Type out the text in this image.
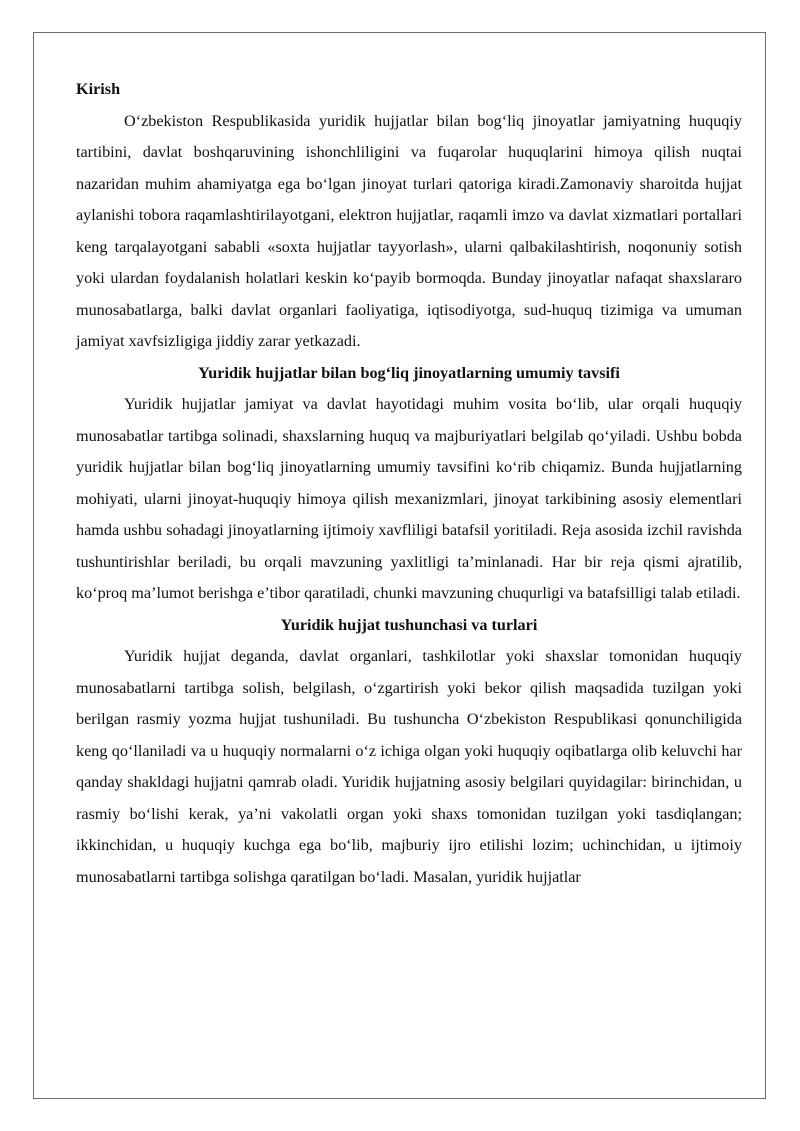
Kirish

O‘zbekiston Respublikasida yuridik hujjatlar bilan bog‘liq jinoyatlar jamiyatning huquqiy tartibini, davlat boshqaruvining ishonchliligini va fuqarolar huquqlarini himoya qilish nuqtai nazaridan muhim ahamiyatga ega bo‘lgan jinoyat turlari qatoriga kiradi.Zamonaviy sharoitda hujjat aylanishi tobora raqamlashtirilayotgani, elektron hujjatlar, raqamli imzo va davlat xizmatlari portallari keng tarqalayotgani sababli «soxta hujjatlar tayyorlash», ularni qalbakilashtirish, noqonuniy sotish yoki ulardan foydalanish holatlari keskin ko‘payib bormoqda. Bunday jinoyatlar nafaqat shaxslararo munosabatlarga, balki davlat organlari faoliyatiga, iqtisodiyotga, sud-huquq tizimiga va umuman jamiyat xavfsizligiga jiddiy zarar yetkazadi.

Yuridik hujjatlar bilan bog‘liq jinoyatlarning umumiy tavsifi

Yuridik hujjatlar jamiyat va davlat hayotidagi muhim vosita bo‘lib, ular orqali huquqiy munosabatlar tartibga solinadi, shaxslarning huquq va majburiyatlari belgilab qo‘yiladi. Ushbu bobda yuridik hujjatlar bilan bog‘liq jinoyatlarning umumiy tavsifini ko‘rib chiqamiz. Bunda hujjatlarning mohiyati, ularni jinoyat-huquqiy himoya qilish mexanizmlari, jinoyat tarkibining asosiy elementlari hamda ushbu sohadagi jinoyatlarning ijtimoiy xavfliligi batafsil yoritiladi. Reja asosida izchil ravishda tushuntirishlar beriladi, bu orqali mavzuning yaxlitligi ta’minlanadi. Har bir reja qismi ajratilib, ko‘proq ma’lumot berishga e’tibor qaratiladi, chunki mavzuning chuqurligi va batafsilligi talab etiladi.

Yuridik hujjat tushunchasi va turlari

Yuridik hujjat deganda, davlat organlari, tashkilotlar yoki shaxslar tomonidan huquqiy munosabatlarni tartibga solish, belgilash, o‘zgartirish yoki bekor qilish maqsadida tuzilgan yoki berilgan rasmiy yozma hujjat tushuniladi. Bu tushuncha O‘zbekiston Respublikasi qonunchiligida keng qo‘llaniladi va u huquqiy normalarni o‘z ichiga olgan yoki huquqiy oqibatlarga olib keluvchi har qanday shakldagi hujjatni qamrab oladi. Yuridik hujjatning asosiy belgilari quyidagilar: birinchidan, u rasmiy bo‘lishi kerak, ya’ni vakolatli organ yoki shaxs tomonidan tuzilgan yoki tasdiqlangan; ikkinchidan, u huquqiy kuchga ega bo‘lib, majburiy ijro etilishi lozim; uchinchidan, u ijtimoiy munosabatlarni tartibga solishga qaratilgan bo‘ladi. Masalan, yuridik hujjatlar
